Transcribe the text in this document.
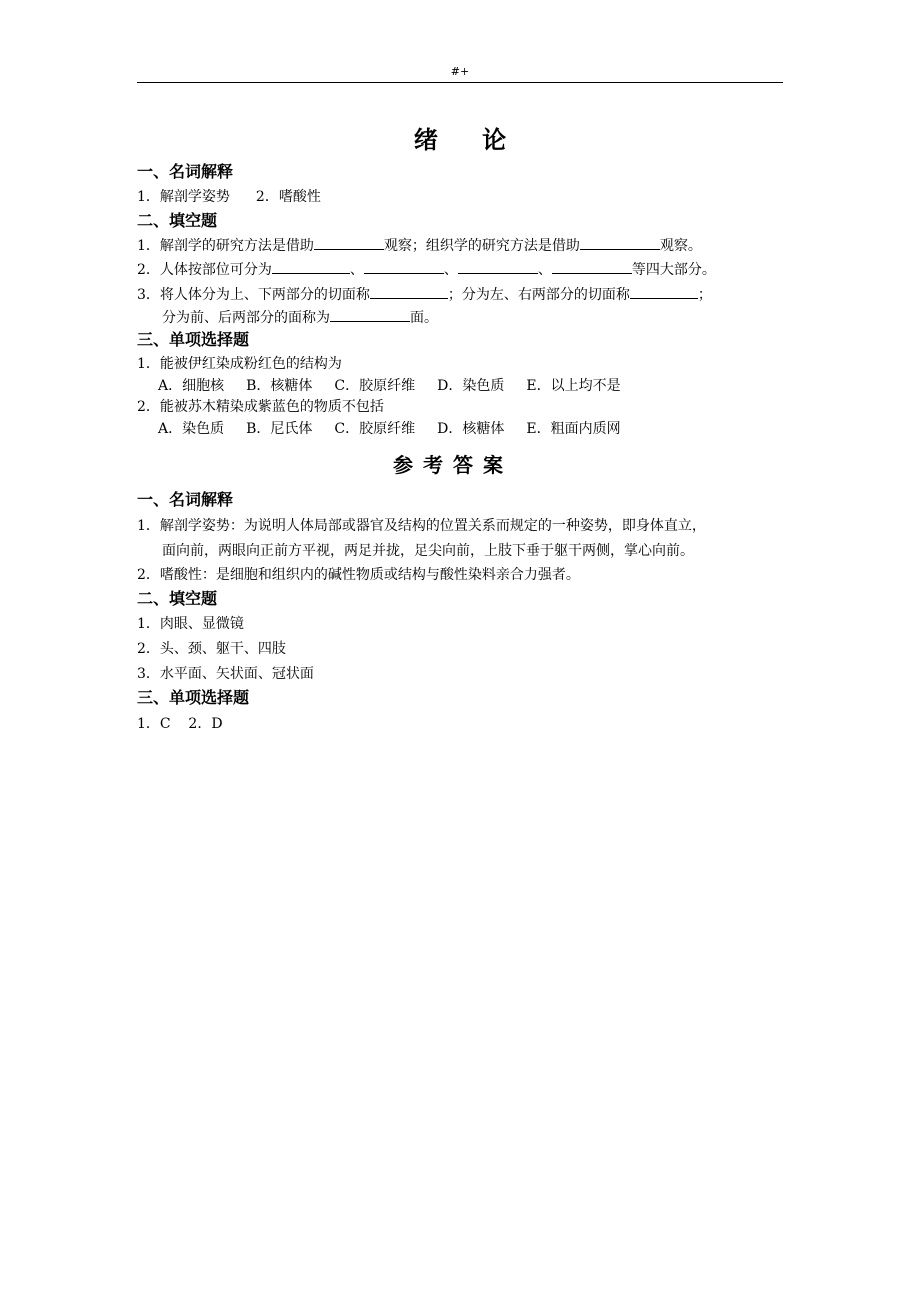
#+
绪 论
一、名词解释
1．解剖学姿势 2．嗜酸性
二、填空题
1．解剖学的研究方法是借助	观察；组织学的研究方法是借助	观察。
2．人体按部位可分为	、	、	、	等四大部分。
3．将人体分为上、下两部分的切面称	；分为左、右两部分的切面称	；
分为前、后两部分的面称为	面。
三、单项选择题
1．能被伊红染成粉红色的结构为
A．细胞核 B．核糖体 C．胶原纤维 D．染色质 E．以上均不是
2．能被苏木精染成紫蓝色的物质不包括
A．染色质 B．尼氏体 C．胶原纤维 D．核糖体 E．粗面内质网
参考答案
一、名词解释
1．解剖学姿势：为说明人体局部或器官及结构的位置关系而规定的一种姿势，即身体直立，
面向前，两眼向正前方平视，两足并拢，足尖向前，上肢下垂于躯干两侧，掌心向前。
2．嗜酸性：是细胞和组织内的碱性物质或结构与酸性染料亲合力强者。
二、填空题
1．肉眼、显微镜
2．头、颈、躯干、四肢
3．水平面、矢状面、冠状面
三、单项选择题
1．C    2．D
